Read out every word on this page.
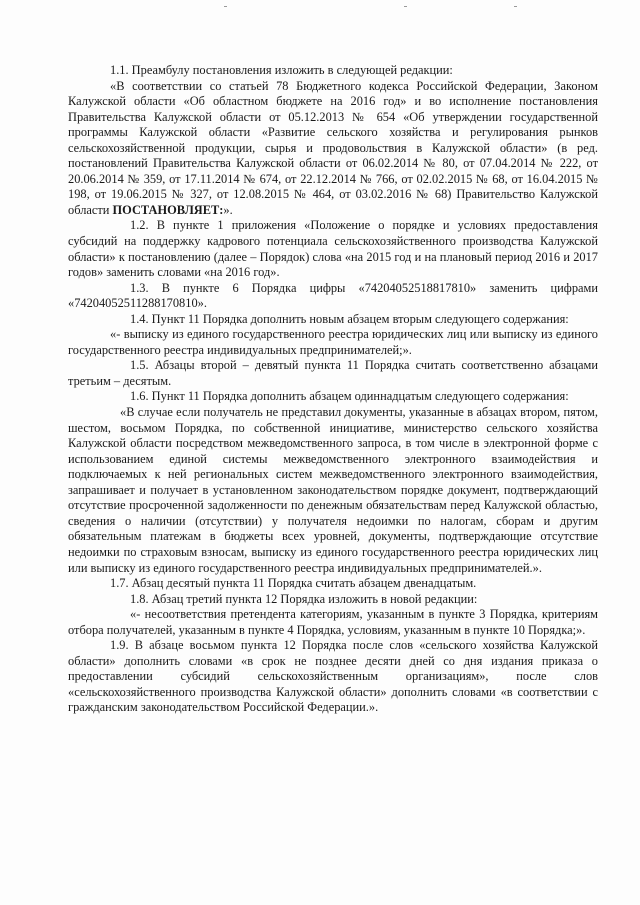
1.1. Преамбулу постановления изложить в следующей редакции:

«В соответствии со статьей 78 Бюджетного кодекса Российской Федерации, Законом Калужской области «Об областном бюджете на 2016 год» и во исполнение постановления Правительства Калужской области от 05.12.2013 № 654 «Об утверждении государственной программы Калужской области «Развитие сельского хозяйства и регулирования рынков сельскохозяйственной продукции, сырья и продовольствия в Калужской области» (в ред. постановлений Правительства Калужской области от 06.02.2014 № 80, от 07.04.2014 № 222, от 20.06.2014 № 359, от 17.11.2014 № 674, от 22.12.2014 № 766, от 02.02.2015 № 68, от 16.04.2015 № 198, от 19.06.2015 № 327, от 12.08.2015 № 464, от 03.02.2016 № 68) Правительство Калужской области ПОСТАНОВЛЯЕТ:».

1.2. В пункте 1 приложения «Положение о порядке и условиях предоставления субсидий на поддержку кадрового потенциала сельскохозяйственного производства Калужской области» к постановлению (далее – Порядок) слова «на 2015 год и на плановый период 2016 и 2017 годов» заменить словами «на 2016 год».

1.3. В пункте 6 Порядка цифры «74204052518817810» заменить цифрами «74204052511288170810».

1.4. Пункт 11 Порядка дополнить новым абзацем вторым следующего содержания:

«- выписку из единого государственного реестра юридических лиц или выписку из единого государственного реестра индивидуальных предпринимателей;».

1.5. Абзацы второй – девятый пункта 11 Порядка считать соответственно абзацами третьим – десятым.

1.6. Пункт 11 Порядка дополнить абзацем одиннадцатым следующего содержания:

«В случае если получатель не представил документы, указанные в абзацах втором, пятом, шестом, восьмом Порядка, по собственной инициативе, министерство сельского хозяйства Калужской области посредством межведомственного запроса, в том числе в электронной форме с использованием единой системы межведомственного электронного взаимодействия и подключаемых к ней региональных систем межведомственного электронного взаимодействия, запрашивает и получает в установленном законодательством порядке документ, подтверждающий отсутствие просроченной задолженности по денежным обязательствам перед Калужской областью, сведения о наличии (отсутствии) у получателя недоимки по налогам, сборам и другим обязательным платежам в бюджеты всех уровней, документы, подтверждающие отсутствие недоимки по страховым взносам, выписку из единого государственного реестра юридических лиц или выписку из единого государственного реестра индивидуальных предпринимателей.».

1.7. Абзац десятый пункта 11 Порядка считать абзацем двенадцатым.

1.8. Абзац третий пункта 12 Порядка изложить в новой редакции:

«- несоответствия претендента категориям, указанным в пункте 3 Порядка, критериям отбора получателей, указанным в пункте 4 Порядка, условиям, указанным в пункте 10 Порядка;».

1.9. В абзаце восьмом пункта 12 Порядка после слов «сельского хозяйства Калужской области» дополнить словами «в срок не позднее десяти дней со дня издания приказа о предоставлении субсидий сельскохозяйственным организациям», после слов «сельскохозяйственного производства Калужской области» дополнить словами «в соответствии с гражданским законодательством Российской Федерации.».
